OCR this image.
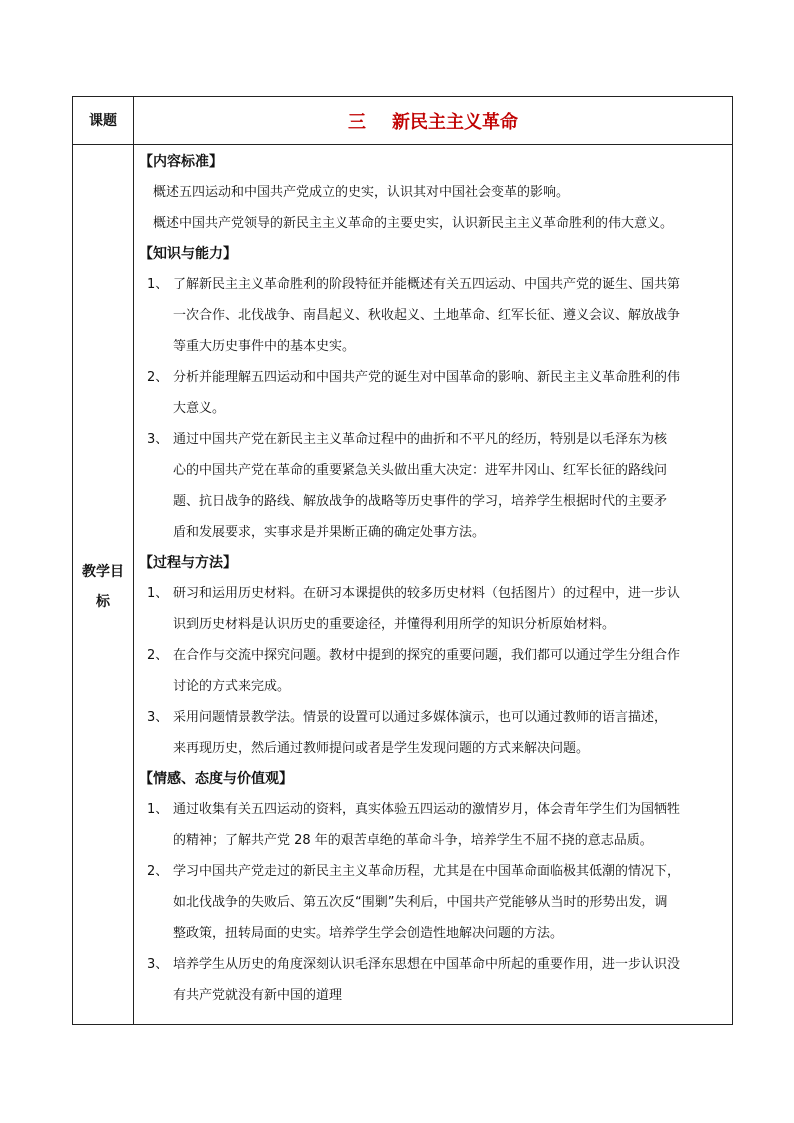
课题	三 新民主主义革命
教学目
标
【内容标准】
概述五四运动和中国共产党成立的史实，认识其对中国社会变革的影响。
概述中国共产党领导的新民主主义革命的主要史实，认识新民主主义革命胜利的伟大意义。
【知识与能力】
1、 了解新民主主义革命胜利的阶段特征并能概述有关五四运动、中国共产党的诞生、国共第
一次合作、北伐战争、南昌起义、秋收起义、土地革命、红军长征、遵义会议、解放战争
等重大历史事件中的基本史实。
2、 分析并能理解五四运动和中国共产党的诞生对中国革命的影响、新民主主义革命胜利的伟
大意义。
3、 通过中国共产党在新民主主义革命过程中的曲折和不平凡的经历，特别是以毛泽东为核
心的中国共产党在革命的重要紧急关头做出重大决定：进军井冈山、红军长征的路线问
题、抗日战争的路线、解放战争的战略等历史事件的学习，培养学生根据时代的主要矛
盾和发展要求，实事求是并果断正确的确定处事方法。
【过程与方法】
1、 研习和运用历史材料。在研习本课提供的较多历史材料（包括图片）的过程中，进一步认
识到历史材料是认识历史的重要途径，并懂得利用所学的知识分析原始材料。
2、 在合作与交流中探究问题。教材中提到的探究的重要问题，我们都可以通过学生分组合作
讨论的方式来完成。
3、 采用问题情景教学法。情景的设置可以通过多媒体演示，也可以通过教师的语言描述，
来再现历史，然后通过教师提问或者是学生发现问题的方式来解决问题。
【情感、态度与价值观】
1、 通过收集有关五四运动的资料，真实体验五四运动的激情岁月，体会青年学生们为国牺牲
的精神；了解共产党 28 年的艰苦卓绝的革命斗争，培养学生不屈不挠的意志品质。
2、 学习中国共产党走过的新民主主义革命历程，尤其是在中国革命面临极其低潮的情况下，
如北伐战争的失败后、第五次反“围剿”失利后，中国共产党能够从当时的形势出发，调
整政策，扭转局面的史实。培养学生学会创造性地解决问题的方法。
3、 培养学生从历史的角度深刻认识毛泽东思想在中国革命中所起的重要作用，进一步认识没
有共产党就没有新中国的道理
